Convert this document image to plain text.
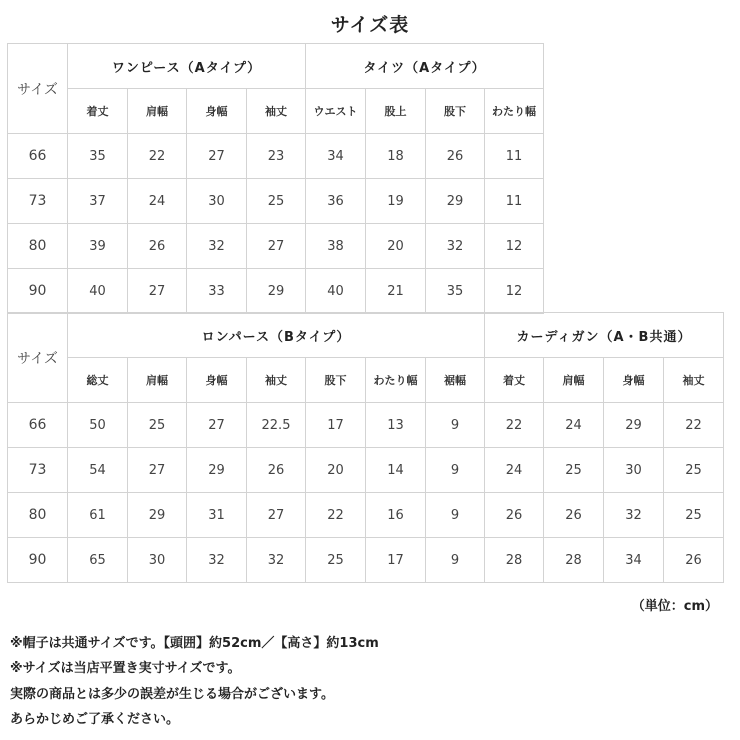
サイズ表
サイズ	ワンピース（Aタイプ）				タイツ（Aタイプ）			
	着丈	肩幅	身幅	袖丈	ウエスト	股上	股下	わたり幅
66	35	22	27	23	34	18	26	11
73	37	24	30	25	36	19	29	11
80	39	26	32	27	38	20	32	12
90	40	27	33	29	40	21	35	12
サイズ	ロンパース（Bタイプ）							カーディガン（A・B共通）			
	総丈	肩幅	身幅	袖丈	股下	わたり幅	裾幅	着丈	肩幅	身幅	袖丈
66	50	25	27	22.5	17	13	9	22	24	29	22
73	54	27	29	26	20	14	9	24	25	30	25
80	61	29	31	27	22	16	9	26	26	32	25
90	65	30	32	32	25	17	9	28	28	34	26
（単位：cm）
※帽子は共通サイズです。【頭囲】約52cm／【高さ】約13cm
※サイズは当店平置き実寸サイズです。
実際の商品とは多少の誤差が生じる場合がございます。
あらかじめご了承ください。
